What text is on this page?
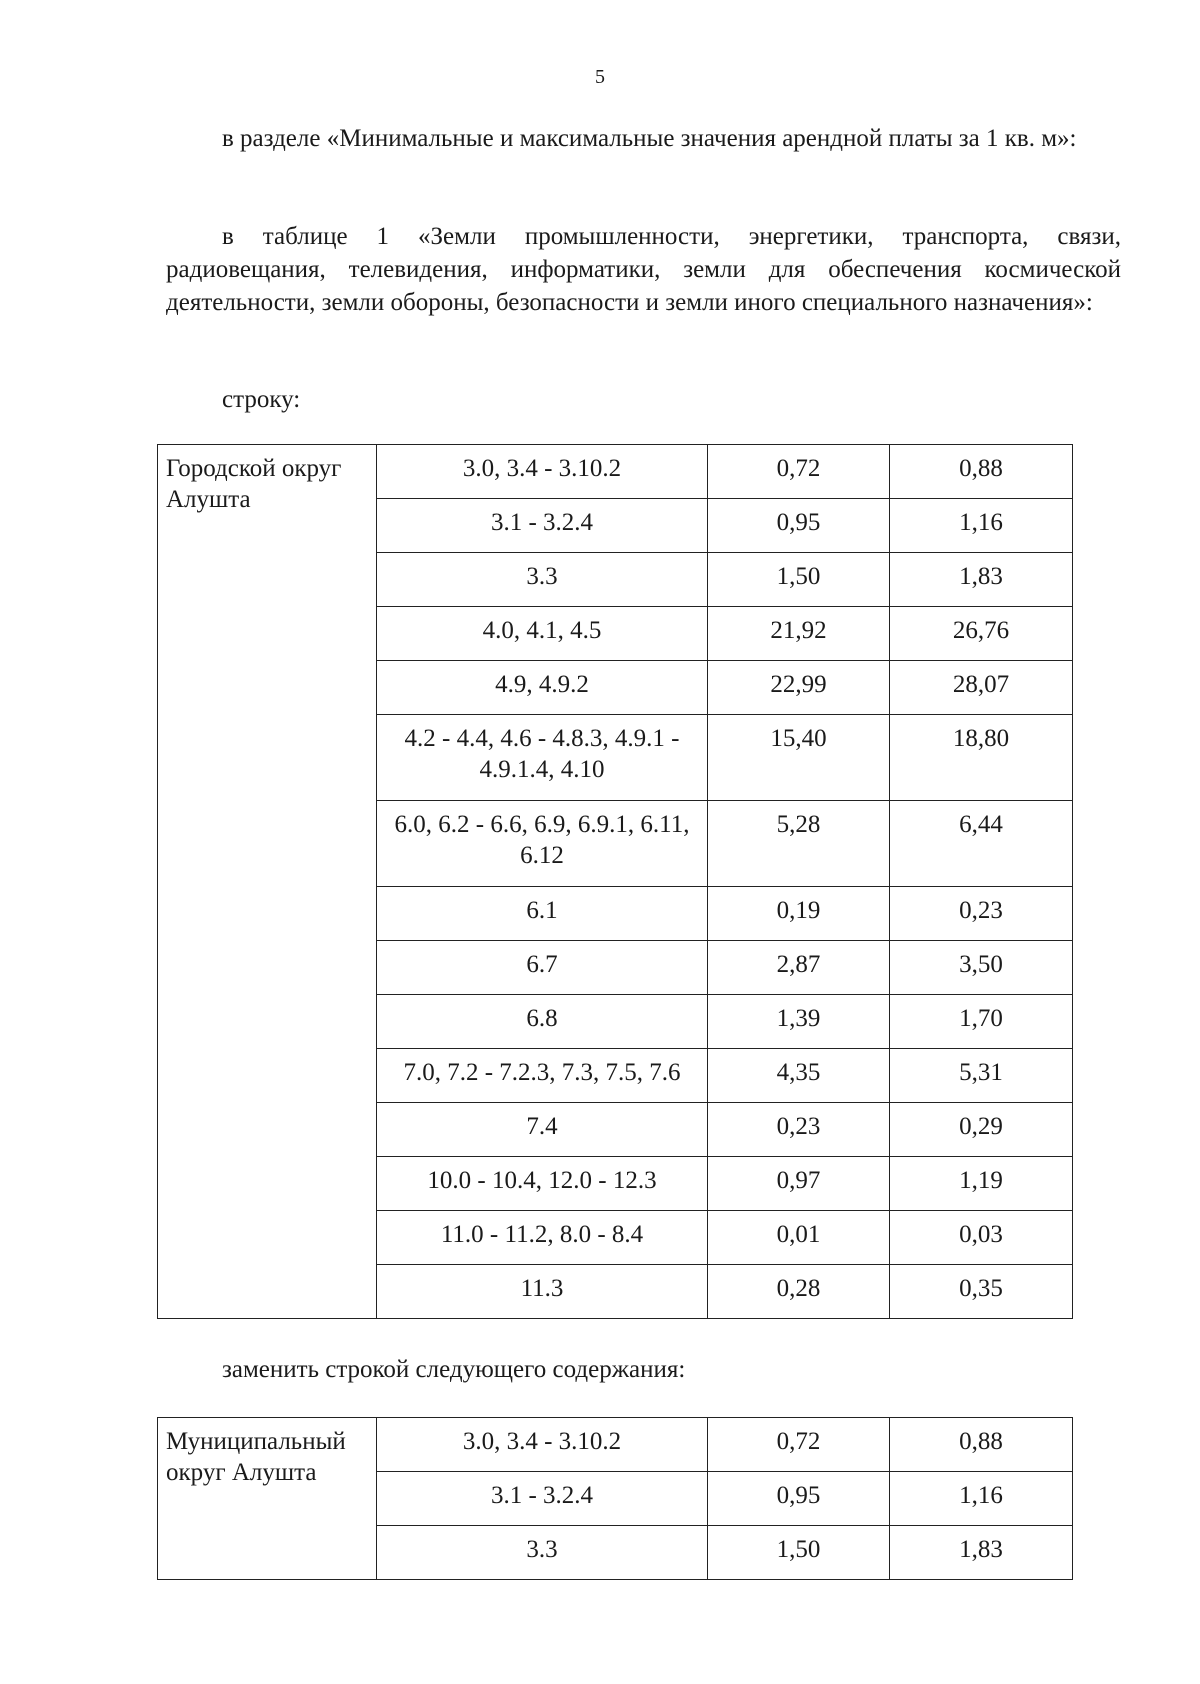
5

в разделе «Минимальные и максимальные значения арендной платы за 1 кв. м»:

в таблице 1 «Земли промышленности, энергетики, транспорта, связи, радиовещания, телевидения, информатики, земли для обеспечения космической деятельности, земли обороны, безопасности и земли иного специального назначения»:

строку:

Городской округ Алушта	3.0, 3.4 - 3.10.2	0,72	0,88
	3.1 - 3.2.4	0,95	1,16
	3.3	1,50	1,83
	4.0, 4.1, 4.5	21,92	26,76
	4.9, 4.9.2	22,99	28,07
	4.2 - 4.4, 4.6 - 4.8.3, 4.9.1 - 4.9.1.4, 4.10	15,40	18,80
	6.0, 6.2 - 6.6, 6.9, 6.9.1, 6.11, 6.12	5,28	6,44
	6.1	0,19	0,23
	6.7	2,87	3,50
	6.8	1,39	1,70
	7.0, 7.2 - 7.2.3, 7.3, 7.5, 7.6	4,35	5,31
	7.4	0,23	0,29
	10.0 - 10.4, 12.0 - 12.3	0,97	1,19
	11.0 - 11.2, 8.0 - 8.4	0,01	0,03
	11.3	0,28	0,35

заменить строкой следующего содержания:

Муниципальный округ Алушта	3.0, 3.4 - 3.10.2	0,72	0,88
	3.1 - 3.2.4	0,95	1,16
	3.3	1,50	1,83
